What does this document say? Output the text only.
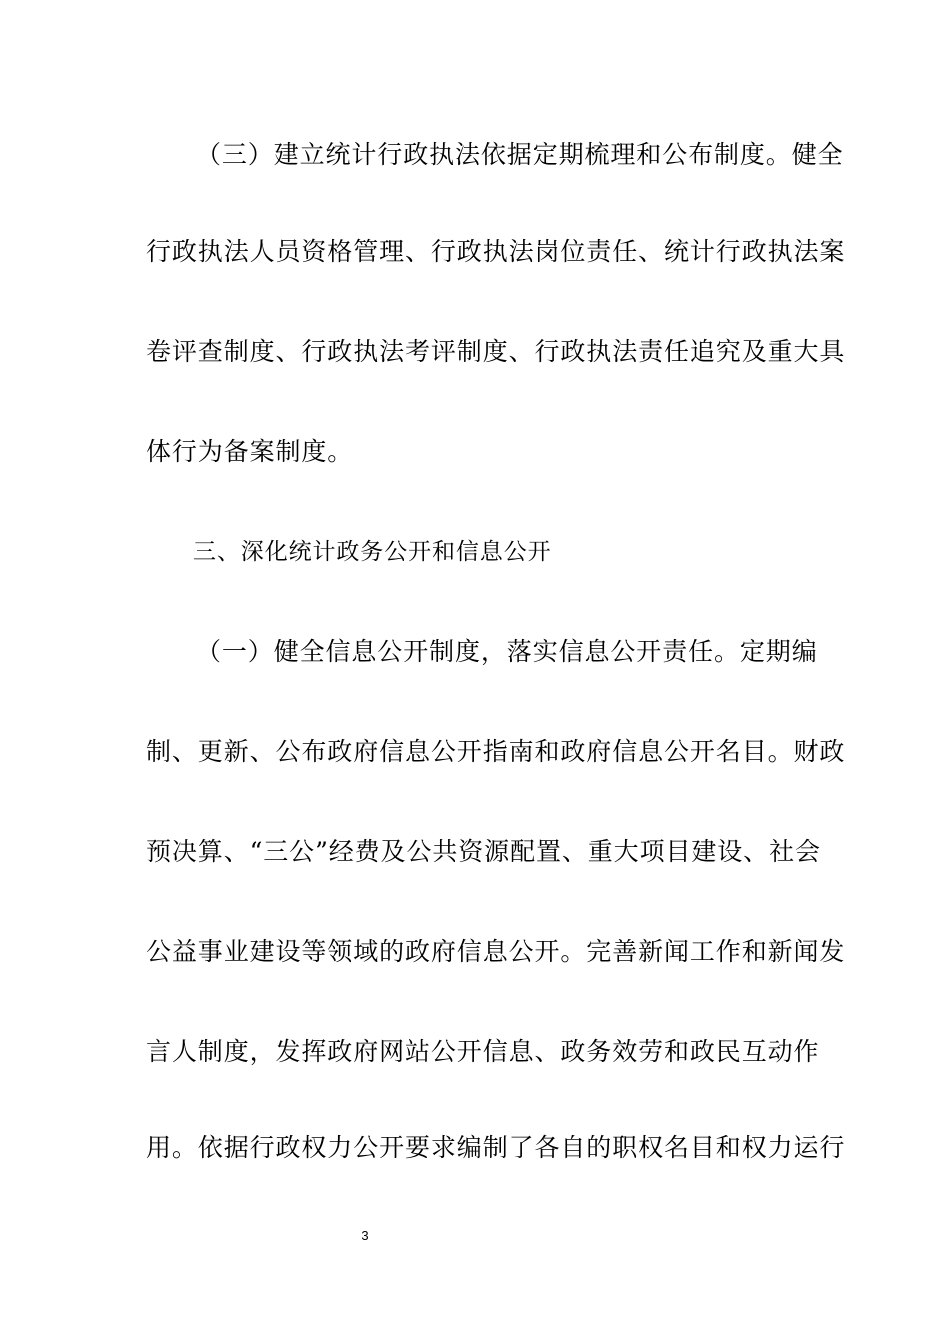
（三）建立统计行政执法依据定期梳理和公布制度。健全
行政执法人员资格管理、行政执法岗位责任、统计行政执法案
卷评查制度、行政执法考评制度、行政执法责任追究及重大具
体行为备案制度。
三、深化统计政务公开和信息公开
（一）健全信息公开制度，落实信息公开责任。定期编
制、更新、公布政府信息公开指南和政府信息公开名目。财政
预决算、“三公”经费及公共资源配置、重大项目建设、社会
公益事业建设等领域的政府信息公开。完善新闻工作和新闻发
言人制度，发挥政府网站公开信息、政务效劳和政民互动作
用。依据行政权力公开要求编制了各自的职权名目和权力运行
3
